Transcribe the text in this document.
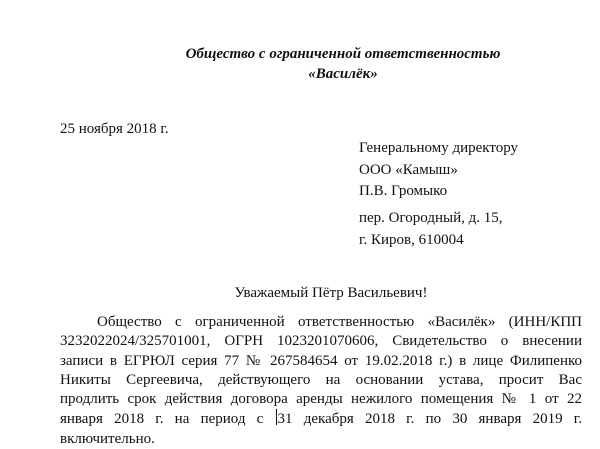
Общество с ограниченной ответственностью
«Василёк»
25 ноября 2018 г.
Генеральному директору
ООО «Камыш»
П.В. Громыко
пер. Огородный, д. 15,
г. Киров, 610004
Уважаемый Пётр Васильевич!
Общество с ограниченной ответственностью «Василёк» (ИНН/КПП
3232022024/325701001, ОГРН 1023201070606, Свидетельство о внесении
записи в ЕГРЮЛ серия 77 № 267584654 от 19.02.2018 г.) в лице Филипенко
Никиты Сергеевича, действующего на основании устава, просит Вас
продлить срок действия договора аренды нежилого помещения № 1 от 22
января 2018 г. на период с 31 декабря 2018 г. по 30 января 2019 г.
включительно.
